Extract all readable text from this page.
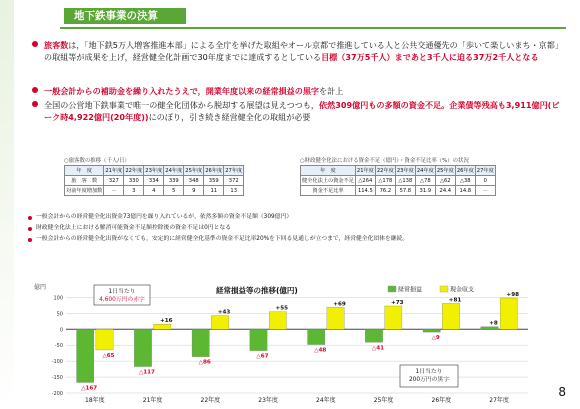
地下鉄事業の決算
旅客数は，「地下鉄5万人増客推進本部」による全庁を挙げた取組やオール京都で推進している人と公共交通優先の「歩いて楽しいまち・京都」の取組等が成果を上げ，経営健全化計画で30年度までに達成するとしている目標（37万5千人）まであと3千人に迫る37万2千人となる
一般会計からの補助金を繰り入れたうえで，開業年度以来の経常損益の黒字を計上
全国の公営地下鉄事業で唯一の健全化団体から脱却する展望は見えつつも，依然309億円もの多額の資金不足。企業債等残高も3,911億円(ピーク時4,922億円(20年度))にのぼり，引き続き経営健全化の取組が必要
○旅客数の推移（千人/日）
年　度	21年度	22年度	23年度	24年度	25年度	26年度	27年度
旅　客　数	327	330	334	339	348	359	372
対前年度増加数	－	3	4	5	9	11	13
○財政健全化法における資金不足（億円）・資金不足比率（%）の状況
年　度	21年度	22年度	23年度	24年度	25年度	26年度	27年度
健全化法上の資金不足	△264	△178	△138	△78	△62	△38	0
資金不足比率	114.5	76.2	57.8	31.9	24.4	14.8	－
一般会計からの経営健全化出資金73億円を繰り入れているが，依然多額の資金不足額（309億円）
財政健全化法上における解消可能資金不足額控除後の資金不足は0円となる
一般会計からの経営健全化出資がなくても，安定的に経営健全化基準の資金不足比率20%を下回る見通しが立つまで，経営健全化団体を継続。
100
50
0
-50
-100
-150
-200
億円	経常損益等の推移(億円)	経常損益	現金収支
18年度
△167
△65
21年度
△117
+16
22年度
△86
+43
23年度
△67
+55
24年度
△48
+69
25年度
△41
+73
26年度
△9
+81
27年度
+8
+98
1日当たり
4,600万円の赤字
1日当たり
200万円の黒字
8
